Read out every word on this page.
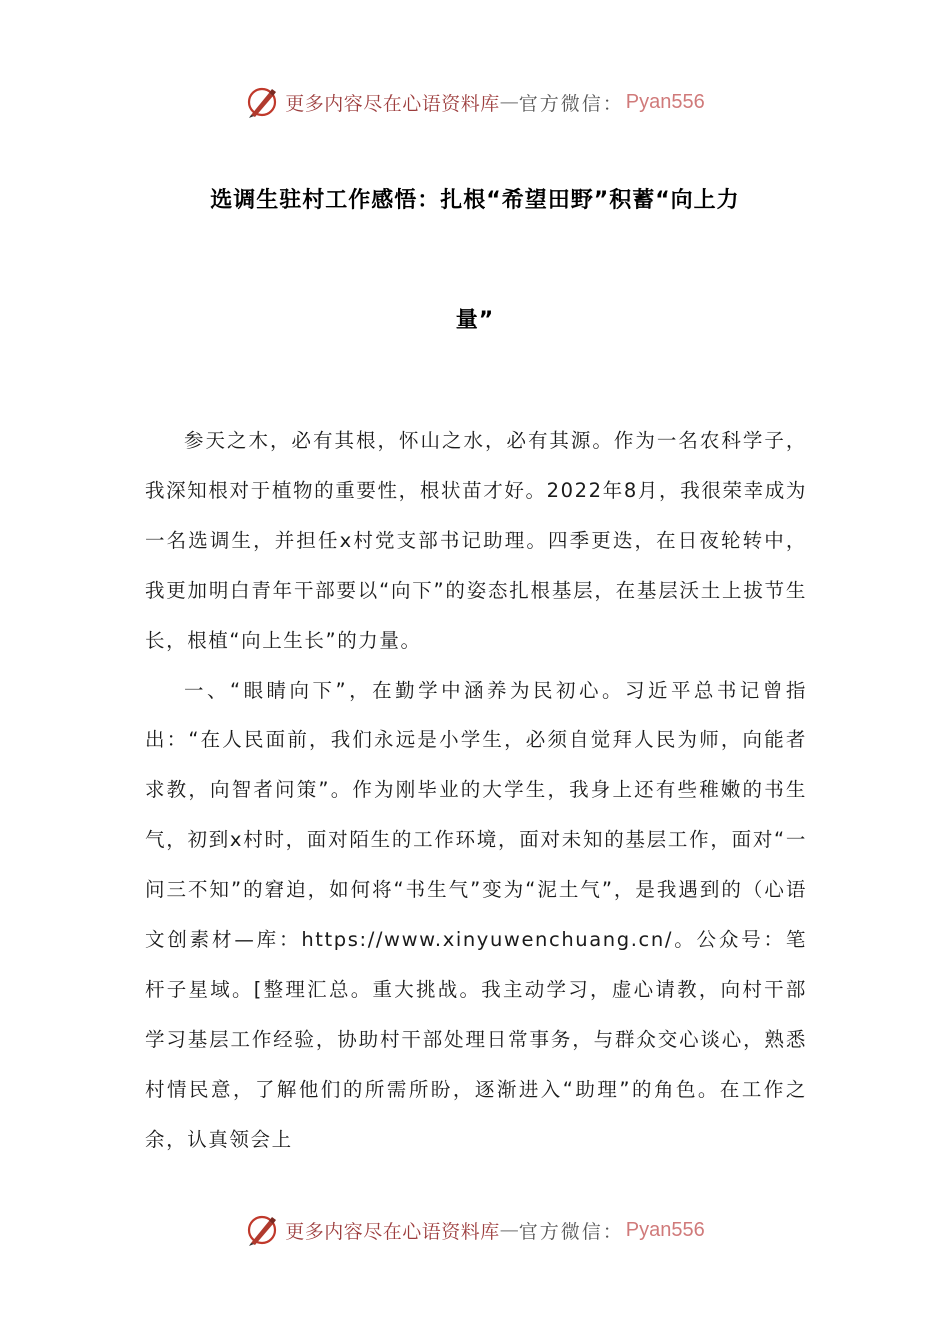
更多内容尽在心语资料库 — 官方微信： Pyan556
选调生驻村工作感悟：扎根“希望田野”积蓄“向上力
量”

参天之木，必有其根，怀山之水，必有其源。作为一名农科学子，我深知根对于植物的重要性，根状苗才好。2022年8月，我很荣幸成为一名选调生，并担任x村党支部书记助理。四季更迭，在日夜轮转中，我更加明白青年干部要以“向下”的姿态扎根基层，在基层沃土上拔节生长，根植“向上生长”的力量。

一、“眼睛向下”，在勤学中涵养为民初心。习近平总书记曾指出：“在人民面前，我们永远是小学生，必须自觉拜人民为师，向能者求教，向智者问策”。作为刚毕业的大学生，我身上还有些稚嫩的书生气，初到x村时，面对陌生的工作环境，面对未知的基层工作，面对“一问三不知”的窘迫，如何将“书生气”变为“泥土气”，是我遇到的（心语文创素材—库：https://www.xinyuwenchuang.cn/。公众号：笔杆子星域。[整理汇总。重大挑战。我主动学习，虚心请教，向村干部学习基层工作经验，协助村干部处理日常事务，与群众交心谈心，熟悉村情民意，了解他们的所需所盼，逐渐进入“助理”的角色。在工作之余，认真领会上

更多内容尽在心语资料库 — 官方微信： Pyan556
